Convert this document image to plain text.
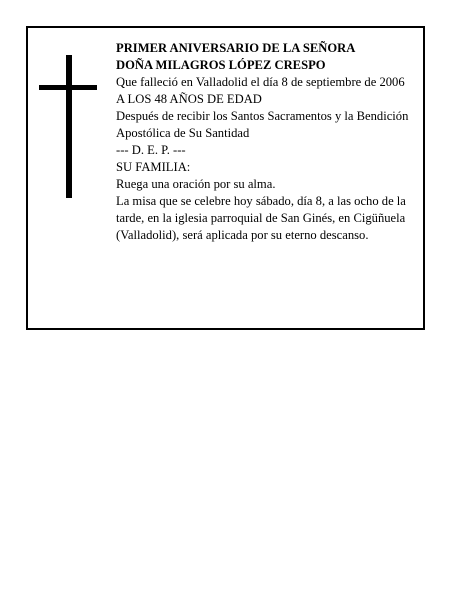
PRIMER ANIVERSARIO DE LA SEÑORA

DOÑA MILAGROS LÓPEZ CRESPO

Que falleció en Valladolid el día 8 de septiembre de 2006

A LOS 48 AÑOS DE EDAD

Después de recibir los Santos Sacramentos y la Bendición Apostólica de Su Santidad

--- D. E. P. ---

SU FAMILIA:

Ruega una oración por su alma.

La misa que se celebre hoy sábado, día 8, a las ocho de la tarde, en la iglesia parroquial de San Ginés, en Cigüñuela (Valladolid), será aplicada por su eterno descanso.
